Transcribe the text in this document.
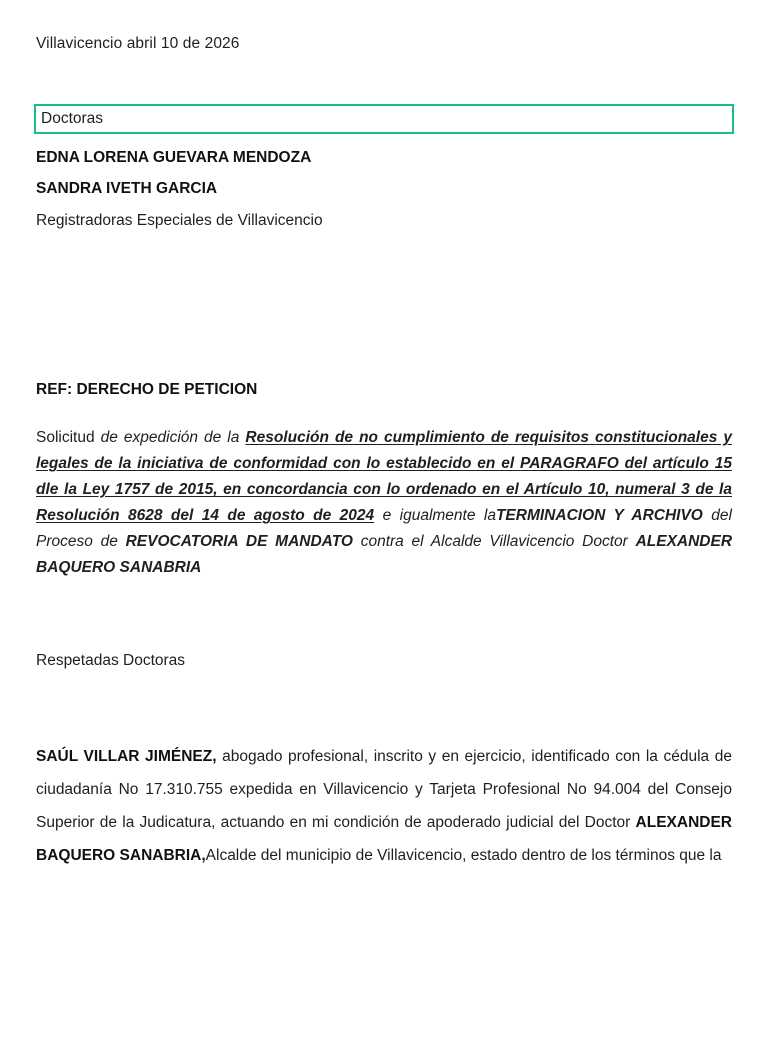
Villavicencio abril 10 de 2026
Doctoras
EDNA LORENA GUEVARA MENDOZA
SANDRA IVETH GARCIA
Registradoras Especiales de Villavicencio
REF: DERECHO DE PETICION
Solicitud de expedición de la Resolución de no cumplimiento de requisitos constitucionales y legales de la iniciativa de conformidad con lo establecido en el PARAGRAFO del artículo 15 dle la Ley 1757 de 2015, en concordancia con lo ordenado en el Artículo 10, numeral 3 de la Resolución 8628 del 14 de agosto de 2024 e igualmente laTERMINACION Y ARCHIVO del Proceso de REVOCATORIA DE MANDATO contra el Alcalde Villavicencio Doctor ALEXANDER BAQUERO SANABRIA
Respetadas Doctoras
SAÚL VILLAR JIMÉNEZ, abogado profesional, inscrito y en ejercicio, identificado con la cédula de ciudadanía No 17.310.755 expedida en Villavicencio y Tarjeta Profesional No 94.004 del Consejo Superior de la Judicatura, actuando en mi condición de apoderado judicial del Doctor ALEXANDER BAQUERO SANABRIA,Alcalde del municipio de Villavicencio, estado dentro de los términos que la
